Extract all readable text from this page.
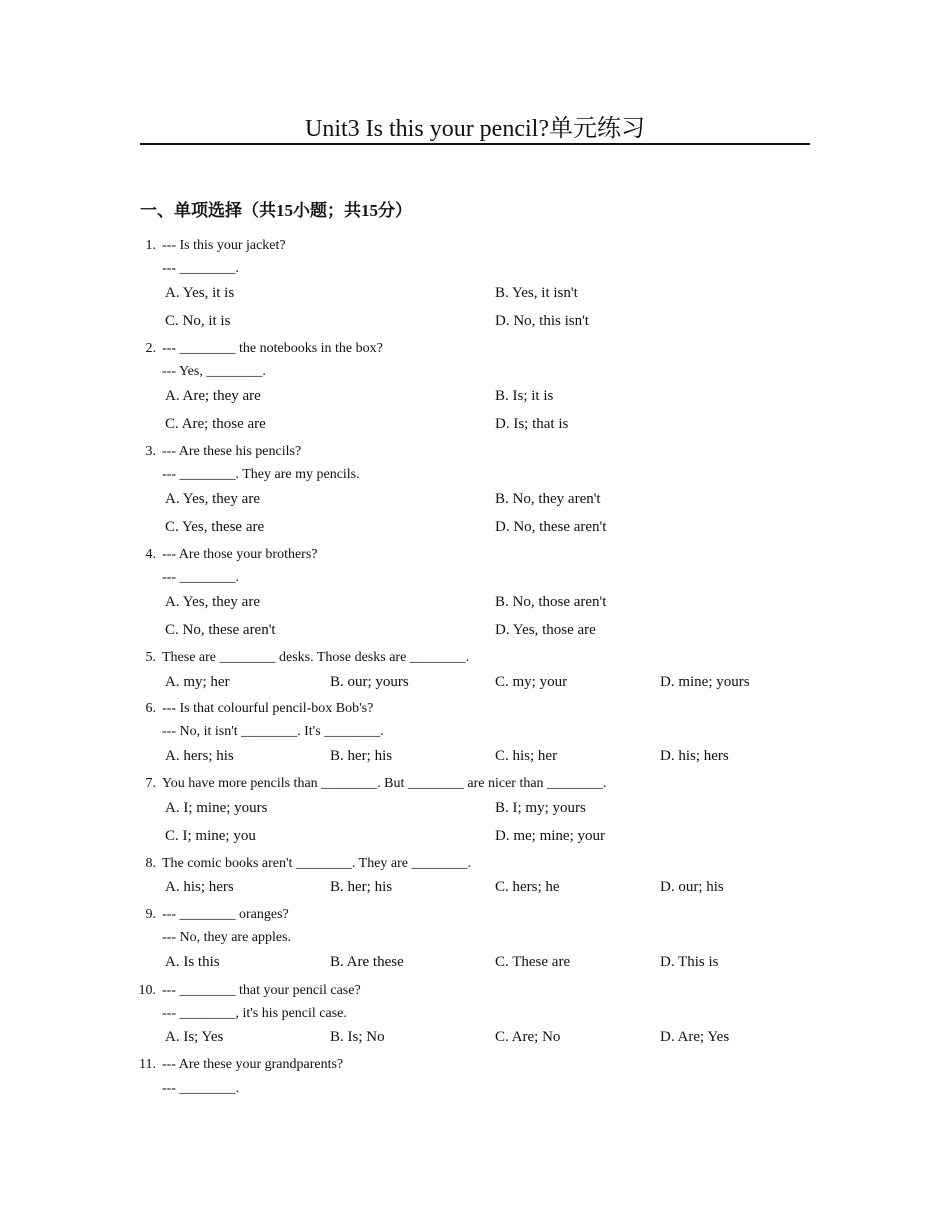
Unit3 Is this your pencil?单元练习
一、单项选择（共15小题；共15分）
1. --- Is this your jacket?
--- ________.
A. Yes, it is	B. Yes, it isn't
C. No, it is	D. No, this isn't
2. --- ________ the notebooks in the box?
--- Yes, ________.
A. Are; they are	B. Is; it is
C. Are; those are	D. Is; that is
3. --- Are these his pencils?
--- ________. They are my pencils.
A. Yes, they are	B. No, they aren't
C. Yes, these are	D. No, these aren't
4. --- Are those your brothers?
--- ________.
A. Yes, they are	B. No, those aren't
C. No, these aren't	D. Yes, those are
5. These are ________ desks. Those desks are ________.
A. my; her	B. our; yours	C. my; your	D. mine; yours
6. --- Is that colourful pencil-box Bob's?
--- No, it isn't ________. It's ________.
A. hers; his	B. her; his	C. his; her	D. his; hers
7. You have more pencils than ________. But ________ are nicer than ________.
A. I; mine; yours	B. I; my; yours
C. I; mine; you	D. me; mine; your
8. The comic books aren't ________. They are ________.
A. his; hers	B. her; his	C. hers; he	D. our; his
9. --- ________ oranges?
--- No, they are apples.
A. Is this	B. Are these	C. These are	D. This is
10. --- ________ that your pencil case?
--- ________, it's his pencil case.
A. Is; Yes	B. Is; No	C. Are; No	D. Are; Yes
11. --- Are these your grandparents?
--- ________.
